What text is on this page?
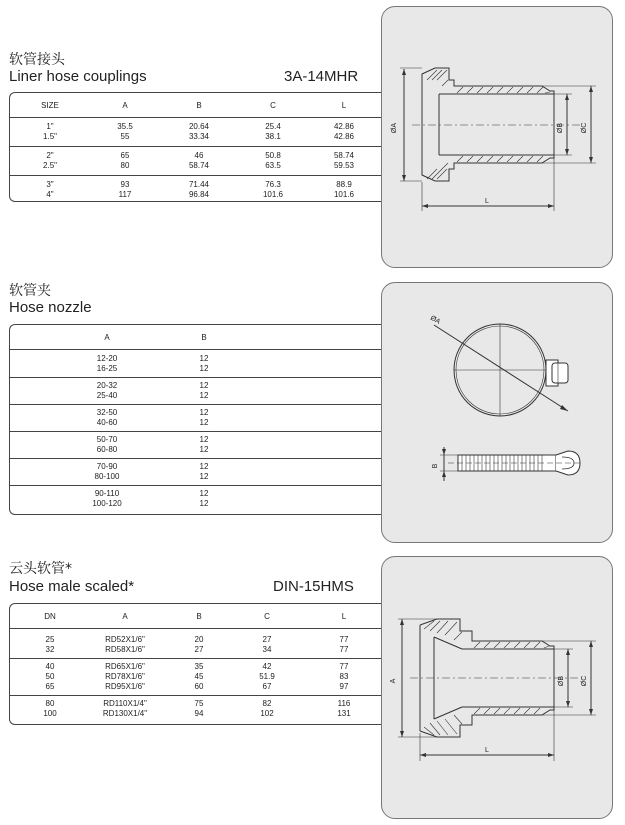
软管接头
Liner hose couplings	3A-14MHR
SIZE	A	B	C	L
1"	35.5	20.64	25.4	42.86
1.5"	55	33.34	38.1	42.86
2"	65	46	50.8	58.74
2.5"	80	58.74	63.5	59.53
3"	93	71.44	76.3	88.9
4"	117	96.84	101.6	101.6
ØA	ØB ØC
L
软管夹
Hose nozzle
A	B
12-20	12
16-25	12
20-32	12
25-40	12
32-50	12
40-60	12
50-70	12
60-80	12
70-90	12
80-100	12
90-110	12
100-120	12
ØA
B
云头软管*
Hose male scaled*	DIN-15HMS
DN	A	B	C	L
25	RD52X1/6"	20	27	77
32	RD58X1/6"	27	34	77
40	RD65X1/6"	35	42	77
50	RD78X1/6"	45	51.9	83
65	RD95X1/6"	60	67	97
80	RD110X1/4"	75	82	116
100	RD130X1/4"	94	102	131
A	ØB ØC
L
